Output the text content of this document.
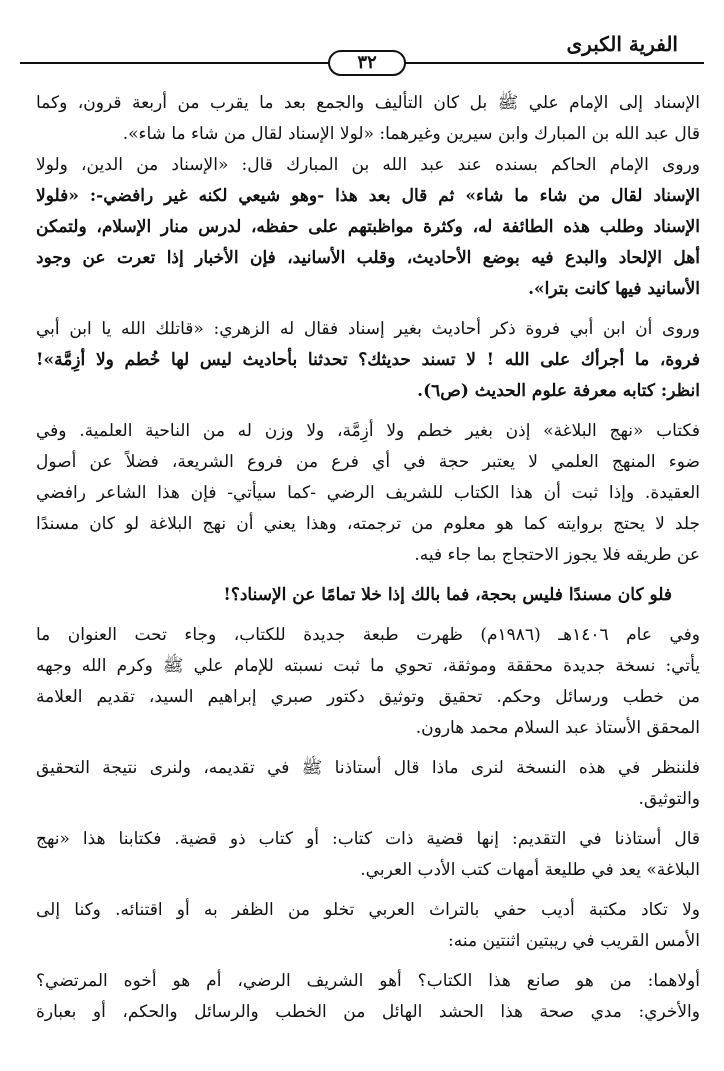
الفرية الكبرى
٣٢
الإسناد إلى الإمام علي ﷺ بل كان التأليف والجمع بعد ما يقرب من أربعة قرون، وكما
قال عبد الله بن المبارك وابن سيرين وغيرهما: «لولا الإسناد لقال من شاء ما شاء».
وروى الإمام الحاكم بسنده عند عبد الله بن المبارك قال: «الإسناد من الدين، ولولا
الإسناد لقال من شاء ما شاء» ثم قال بعد هذا -وهو شيعي لكنه غير رافضي-: «فلولا
الإسناد وطلب هذه الطائفة له، وكثرة مواظبتهم على حفظه، لدرس منار الإسلام، ولتمكن
أهل الإلحاد والبدع فيه بوضع الأحاديث، وقلب الأسانيد، فإن الأخبار إذا تعرت عن وجود
الأسانيد فيها كانت بترا».
وروى أن ابن أبي فروة ذكر أحاديث بغير إسناد فقال له الزهري: «قاتلك الله يا ابن أبي
فروة، ما أجرأك على الله ! لا تسند حديثك؟ تحدثنا بأحاديث ليس لها خُطم ولا أزِمَّة»!
انظر: كتابه معرفة علوم الحديث (ص٦).
فكتاب «نهج البلاغة» إذن بغير خطم ولا أزِمَّة، ولا وزن له من الناحية العلمية. وفي
ضوء المنهج العلمي لا يعتبر حجة في أي فرع من فروع الشريعة، فضلاً عن أصول
العقيدة. وإذا ثبت أن هذا الكتاب للشريف الرضي -كما سيأتي- فإن هذا الشاعر رافضي
جلد لا يحتج بروايته كما هو معلوم من ترجمته، وهذا يعني أن نهج البلاغة لو كان مسندًا
عن طريقه فلا يجوز الاحتجاج بما جاء فيه.
فلو كان مسندًا فليس بحجة، فما بالك إذا خلا تمامًا عن الإسناد؟!
وفي عام ١٤٠٦هـ (١٩٨٦م) ظهرت طبعة جديدة للكتاب، وجاء تحت العنوان ما
يأتي: نسخة جديدة محققة وموثقة، تحوي ما ثبت نسبته للإمام علي ﷺ وكرم الله وجهه
من خطب ورسائل وحكم. تحقيق وتوثيق دكتور صبري إبراهيم السيد، تقديم العلامة
المحقق الأستاذ عبد السلام محمد هارون.
فلننظر في هذه النسخة لنرى ماذا قال أستاذنا ﷺ في تقديمه، ولنرى نتيجة التحقيق
والتوثيق.
قال أستاذنا في التقديم: إنها قضية ذات كتاب: أو كتاب ذو قضية. فكتابنا هذا «نهج
البلاغة» يعد في طليعة أمهات كتب الأدب العربي.
ولا تكاد مكتبة أديب حفي بالتراث العربي تخلو من الظفر به أو اقتنائه. وكنا إلى
الأمس القريب في ريبتين اثنتين منه:
أولاهما: من هو صانع هذا الكتاب؟ أهو الشريف الرضي، أم هو أخوه المرتضي؟
والأخري: مدي صحة هذا الحشد الهائل من الخطب والرسائل والحكم، أو بعبارة
